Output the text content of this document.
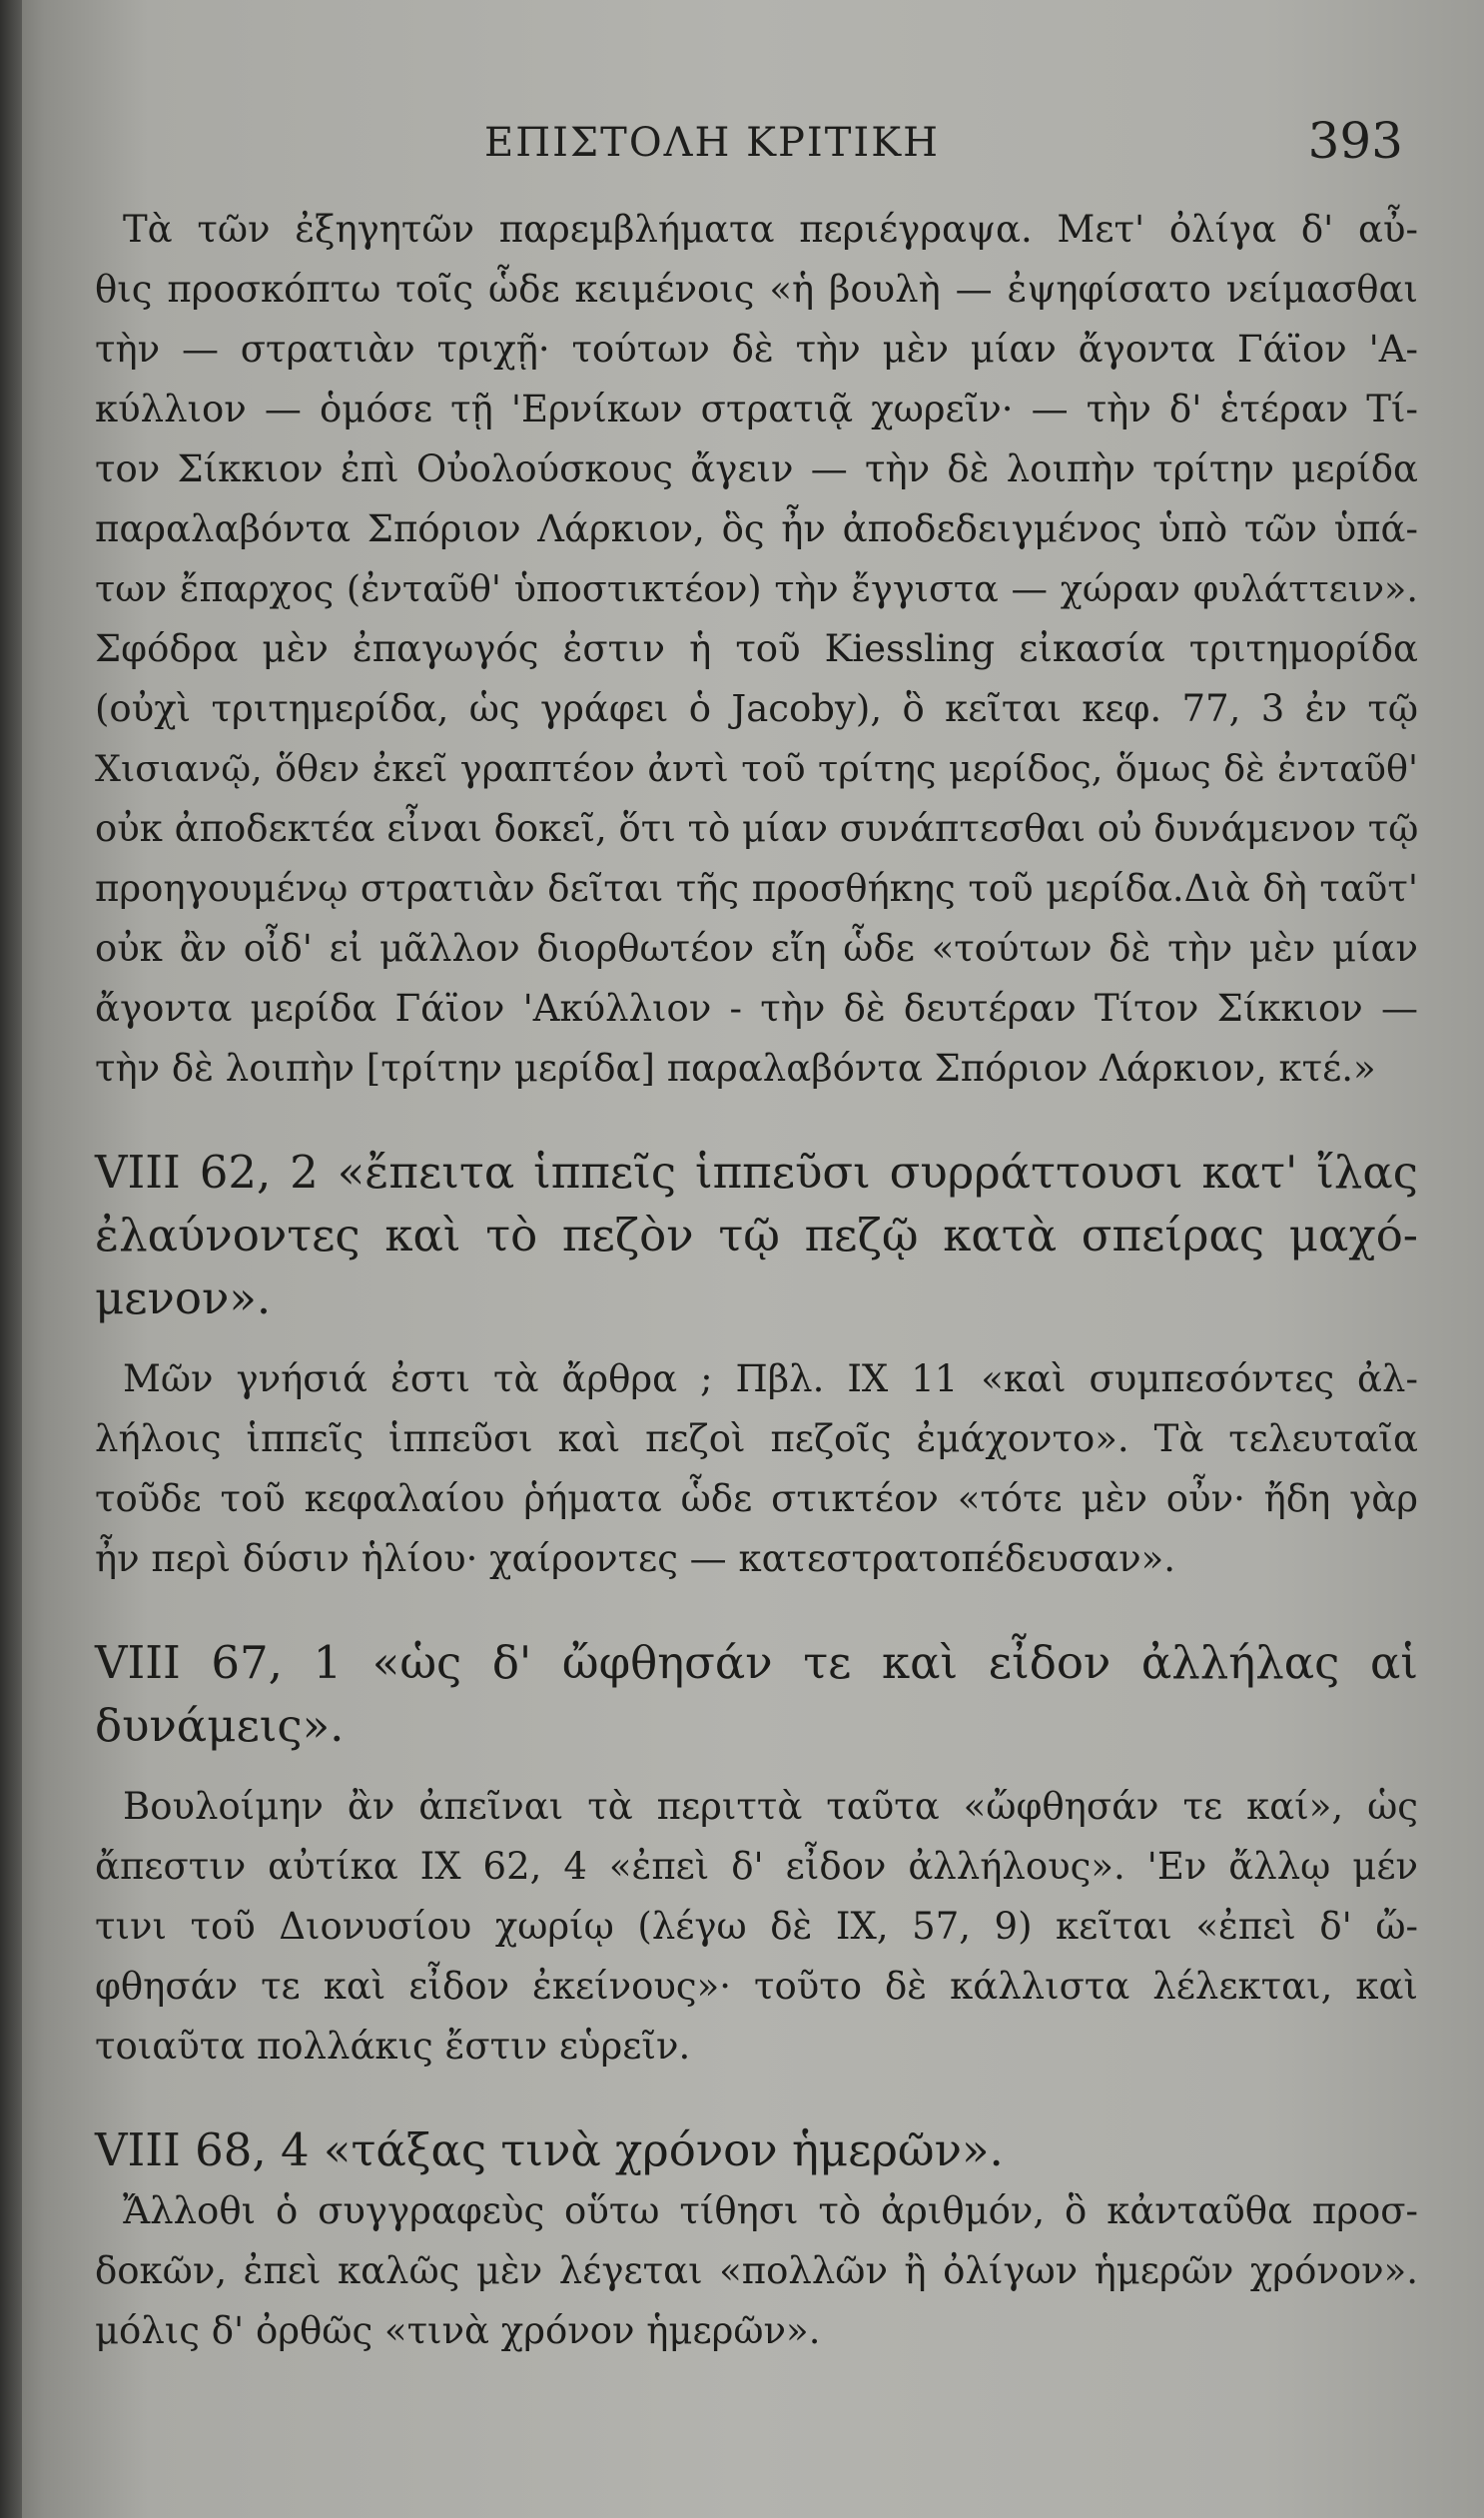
ΕΠΙΣΤΟΛΗ ΚΡΙΤΙΚΗ	393
Τὰ τῶν ἐξηγητῶν παρεμβλήματα περιέγραψα. Μετ' ὀλίγα δ' αὖ-
θις προσκόπτω τοῖς ὧδε κειμένοις «ἡ βουλὴ — ἐψηφίσατο νείμασθαι
τὴν — στρατιὰν τριχῇ· τούτων δὲ τὴν μὲν μίαν ἄγοντα Γάϊον 'Α-
κύλλιον — ὁμόσε τῇ 'Ερνίκων στρατιᾷ χωρεῖν· — τὴν δ' ἑτέραν Τί-
τον Σίκκιον ἐπὶ Οὐολούσκους ἄγειν — τὴν δὲ λοιπὴν τρίτην μερίδα
παραλαβόντα Σπόριον Λάρκιον, ὃς ἦν ἀποδεδειγμένος ὑπὸ τῶν ὑπά-
των ἔπαρχος (ἐνταῦθ' ὑποστικτέον) τὴν ἔγγιστα — χώραν φυλάττειν».
Σφόδρα μὲν ἐπαγωγός ἐστιν ἡ τοῦ Kiessling εἰκασία τριτημορίδα
(οὐχὶ τριτημερίδα, ὡς γράφει ὁ Jacoby), ὃ κεῖται κεφ. 77, 3 ἐν τῷ
Χισιανῷ, ὅθεν ἐκεῖ γραπτέον ἀντὶ τοῦ τρίτης μερίδος, ὅμως δὲ ἐνταῦθ'
οὐκ ἀποδεκτέα εἶναι δοκεῖ, ὅτι τὸ μίαν συνάπτεσθαι οὐ δυνάμενον τῷ
προηγουμένῳ στρατιὰν δεῖται τῆς προσθήκης τοῦ μερίδα.Διὰ δὴ ταῦτ'
οὐκ ἂν οἶδ' εἰ μᾶλλον διορθωτέον εἴη ὧδε «τούτων δὲ τὴν μὲν μίαν
ἄγοντα μερίδα Γάϊον 'Ακύλλιον - τὴν δὲ δευτέραν Τίτον Σίκκιον —
τὴν δὲ λοιπὴν [τρίτην μερίδα] παραλαβόντα Σπόριον Λάρκιον, κτέ.»
VIII 62, 2 «ἔπειτα ἱππεῖς ἱππεῦσι συρράττουσι κατ' ἴλας
ἐλαύνοντες καὶ τὸ πεζὸν τῷ πεζῷ κατὰ σπείρας μαχό-
μενον».
Μῶν γνήσιά ἐστι τὰ ἄρθρα ; Πβλ. IX 11 «καὶ συμπεσόντες ἀλ-
λήλοις ἱππεῖς ἱππεῦσι καὶ πεζοὶ πεζοῖς ἐμάχοντο». Τὰ τελευταῖα
τοῦδε τοῦ κεφαλαίου ῥήματα ὧδε στικτέον «τότε μὲν οὖν· ἤδη γὰρ
ἦν περὶ δύσιν ἡλίου· χαίροντες — κατεστρατοπέδευσαν».
VIII 67, 1 «ὡς δ' ὤφθησάν τε καὶ εἶδον ἀλλήλας αἱ
δυνάμεις».
Βουλοίμην ἂν ἀπεῖναι τὰ περιττὰ ταῦτα «ὤφθησάν τε καί», ὡς
ἄπεστιν αὐτίκα IX 62, 4 «ἐπεὶ δ' εἶδον ἀλλήλους». 'Εν ἄλλῳ μέν
τινι τοῦ Διονυσίου χωρίῳ (λέγω δὲ IX, 57, 9) κεῖται «ἐπεὶ δ' ὤ-
φθησάν τε καὶ εἶδον ἐκείνους»· τοῦτο δὲ κάλλιστα λέλεκται, καὶ
τοιαῦτα πολλάκις ἔστιν εὑρεῖν.
VIII 68, 4 «τάξας τινὰ χρόνον ἡμερῶν».
Ἄλλοθι ὁ συγγραφεὺς οὕτω τίθησι τὸ ἀριθμόν, ὃ κἀνταῦθα προσ-
δοκῶν, ἐπεὶ καλῶς μὲν λέγεται «πολλῶν ἢ ὀλίγων ἡμερῶν χρόνον».
μόλις δ' ὀρθῶς «τινὰ χρόνον ἡμερῶν».
